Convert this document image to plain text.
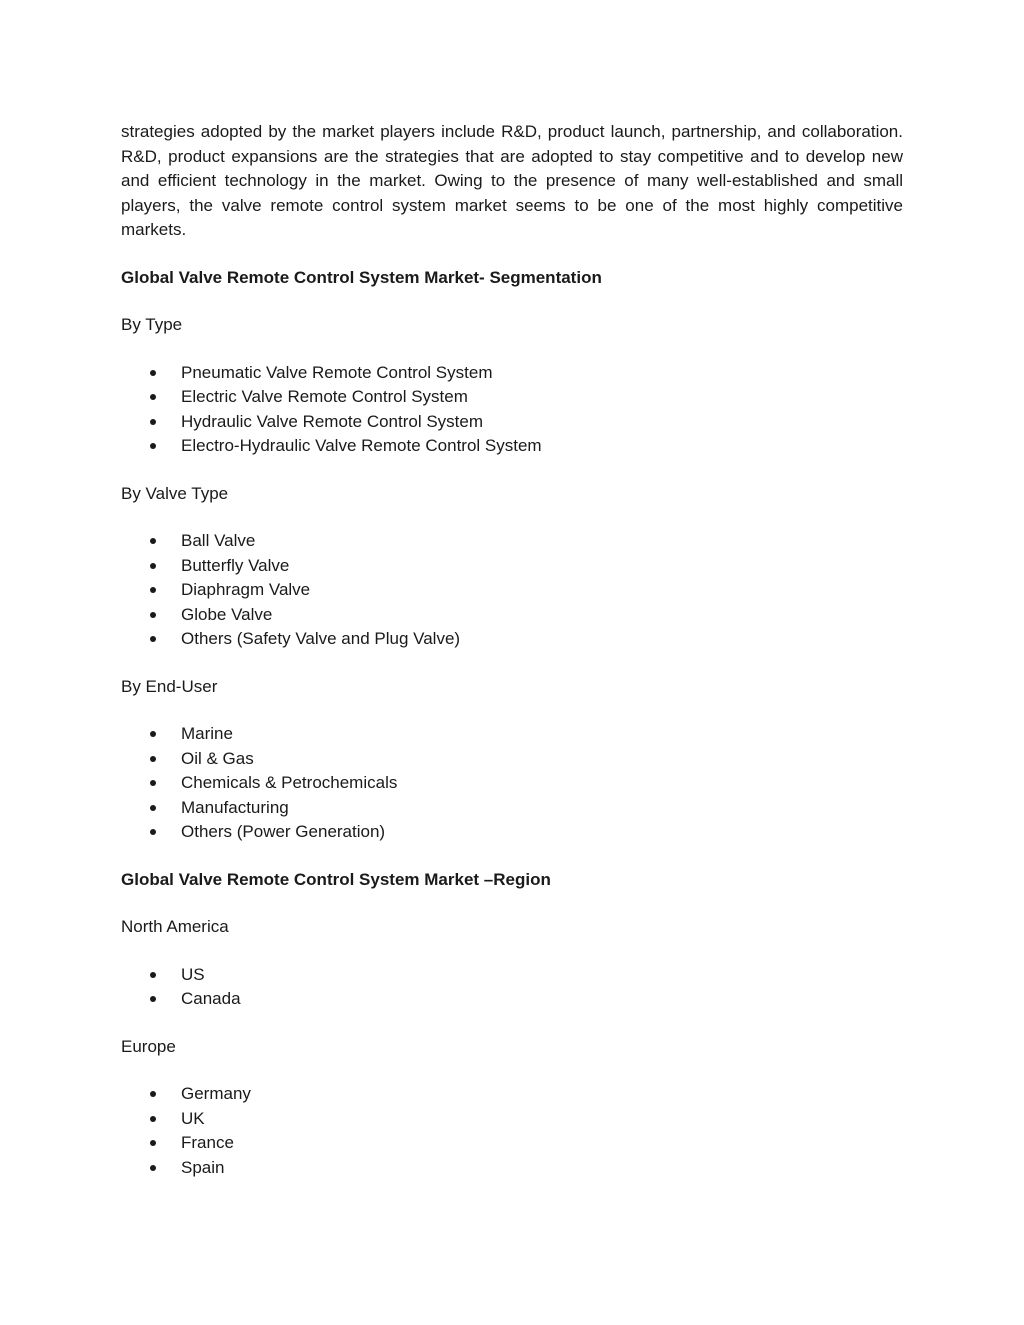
strategies adopted by the market players include R&D, product launch, partnership, and collaboration. R&D, product expansions are the strategies that are adopted to stay competitive and to develop new and efficient technology in the market. Owing to the presence of many well-established and small players, the valve remote control system market seems to be one of the most highly competitive markets.

Global Valve Remote Control System Market- Segmentation

By Type

Pneumatic Valve Remote Control System
Electric Valve Remote Control System
Hydraulic Valve Remote Control System
Electro-Hydraulic Valve Remote Control System

By Valve Type

Ball Valve
Butterfly Valve
Diaphragm Valve
Globe Valve
Others (Safety Valve and Plug Valve)

By End-User

Marine
Oil & Gas
Chemicals & Petrochemicals
Manufacturing
Others (Power Generation)

Global Valve Remote Control System Market –Region

North America

US
Canada

Europe

Germany
UK
France
Spain
